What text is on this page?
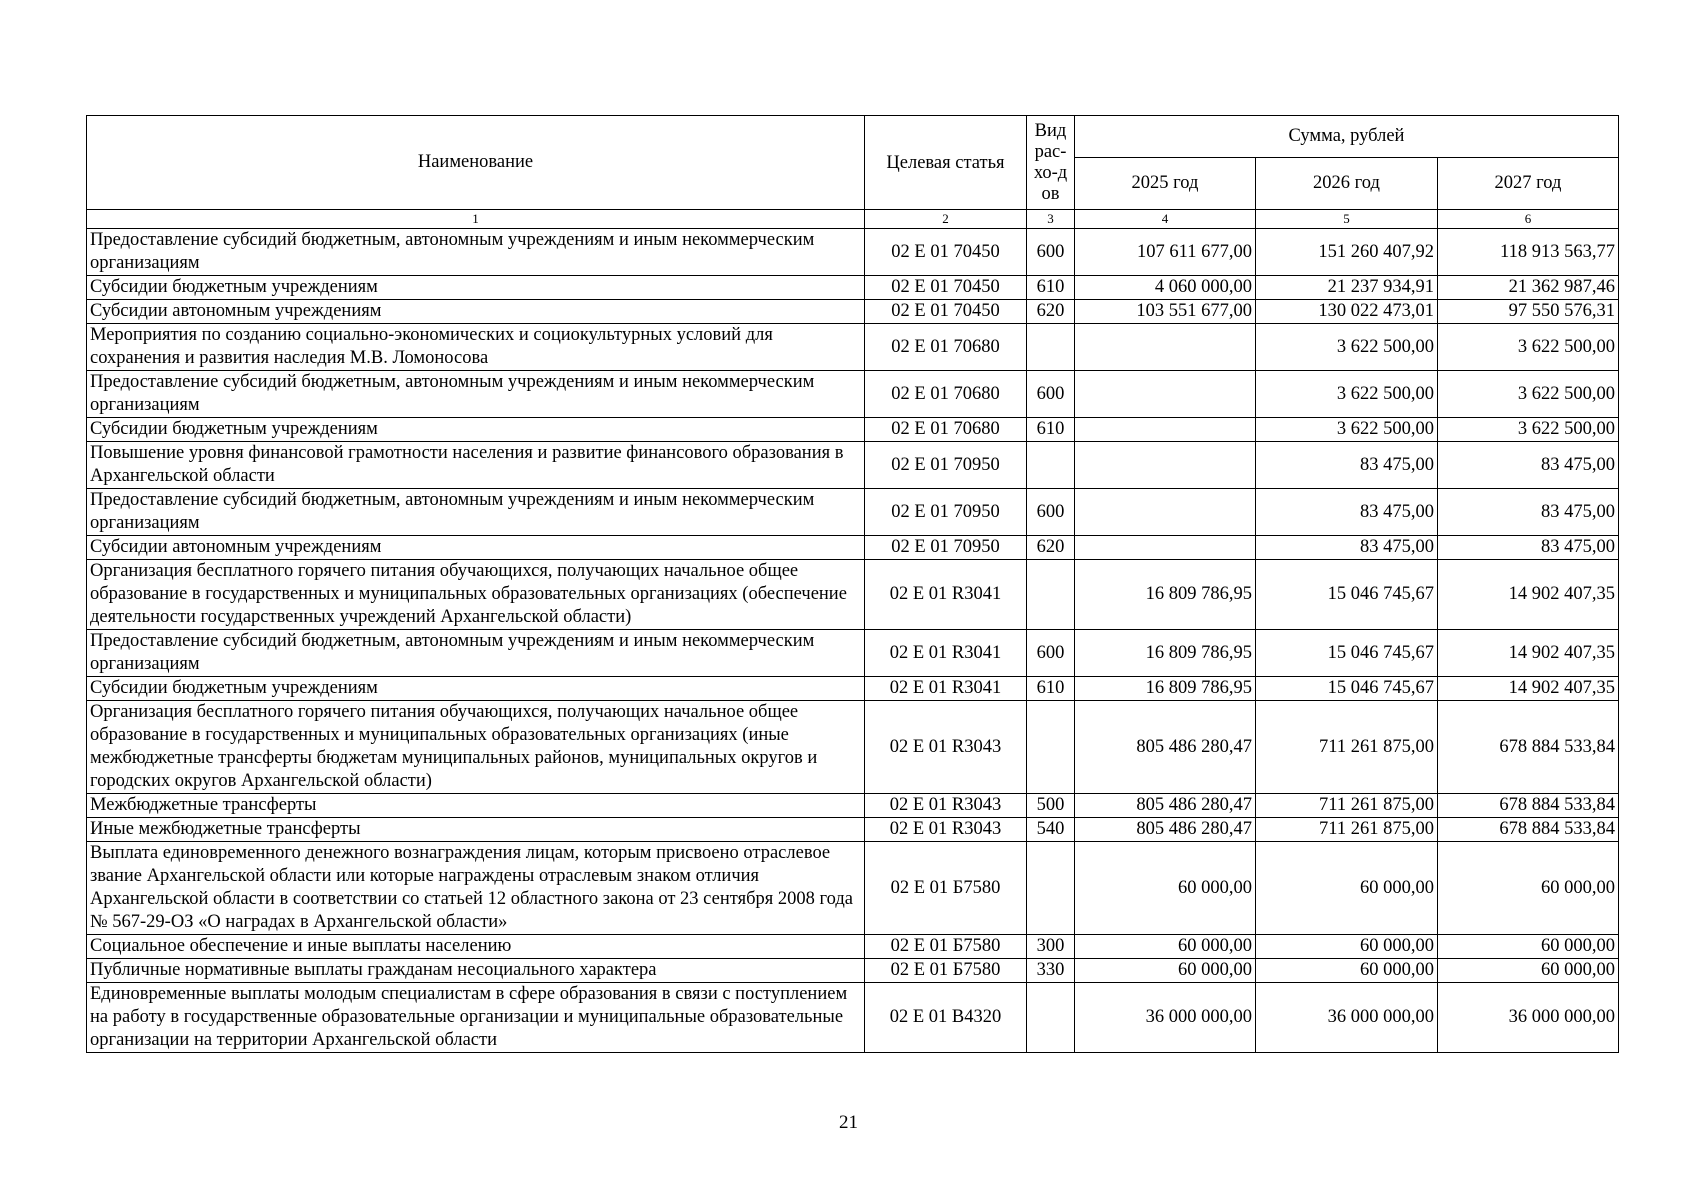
Наименование	Целевая статья	Вид рас-хо-дов	Сумма, рублей		
			2025 год	2026 год	2027 год
1	2	3	4	5	6
Предоставление субсидий бюджетным, автономным учреждениям и иным некоммерческим организациям	02 Е 01 70450	600	107 611 677,00	151 260 407,92	118 913 563,77
Субсидии бюджетным учреждениям	02 Е 01 70450	610	4 060 000,00	21 237 934,91	21 362 987,46
Субсидии автономным учреждениям	02 Е 01 70450	620	103 551 677,00	130 022 473,01	97 550 576,31
Мероприятия по созданию социально-экономических и социокультурных условий для сохранения и развития наследия М.В. Ломоносова	02 Е 01 70680			3 622 500,00	3 622 500,00
Предоставление субсидий бюджетным, автономным учреждениям и иным некоммерческим организациям	02 Е 01 70680	600		3 622 500,00	3 622 500,00
Субсидии бюджетным учреждениям	02 Е 01 70680	610		3 622 500,00	3 622 500,00
Повышение уровня финансовой грамотности населения и развитие финансового образования в Архангельской области	02 Е 01 70950			83 475,00	83 475,00
Предоставление субсидий бюджетным, автономным учреждениям и иным некоммерческим организациям	02 Е 01 70950	600		83 475,00	83 475,00
Субсидии автономным учреждениям	02 Е 01 70950	620		83 475,00	83 475,00
Организация бесплатного горячего питания обучающихся, получающих начальное общее образование в государственных и муниципальных образовательных организациях (обеспечение деятельности государственных учреждений Архангельской области)	02 Е 01 R3041		16 809 786,95	15 046 745,67	14 902 407,35
Предоставление субсидий бюджетным, автономным учреждениям и иным некоммерческим организациям	02 Е 01 R3041	600	16 809 786,95	15 046 745,67	14 902 407,35
Субсидии бюджетным учреждениям	02 Е 01 R3041	610	16 809 786,95	15 046 745,67	14 902 407,35
Организация бесплатного горячего питания обучающихся, получающих начальное общее образование в государственных и муниципальных образовательных организациях (иные межбюджетные трансферты бюджетам муниципальных районов, муниципальных округов и городских округов Архангельской области)	02 Е 01 R3043		805 486 280,47	711 261 875,00	678 884 533,84
Межбюджетные трансферты	02 Е 01 R3043	500	805 486 280,47	711 261 875,00	678 884 533,84
Иные межбюджетные трансферты	02 Е 01 R3043	540	805 486 280,47	711 261 875,00	678 884 533,84
Выплата единовременного денежного вознаграждения лицам, которым присвоено отраслевое звание Архангельской области или которые награждены отраслевым знаком отличия Архангельской области в соответствии со статьей 12 областного закона от 23 сентября 2008 года № 567-29-ОЗ «О наградах в Архангельской области»	02 Е 01 Б7580		60 000,00	60 000,00	60 000,00
Социальное обеспечение и иные выплаты населению	02 Е 01 Б7580	300	60 000,00	60 000,00	60 000,00
Публичные нормативные выплаты гражданам несоциального характера	02 Е 01 Б7580	330	60 000,00	60 000,00	60 000,00
Единовременные выплаты молодым специалистам в сфере образования в связи с поступлением на работу в государственные образовательные организации и муниципальные образовательные организации на территории Архангельской области	02 Е 01 В4320		36 000 000,00	36 000 000,00	36 000 000,00
21
